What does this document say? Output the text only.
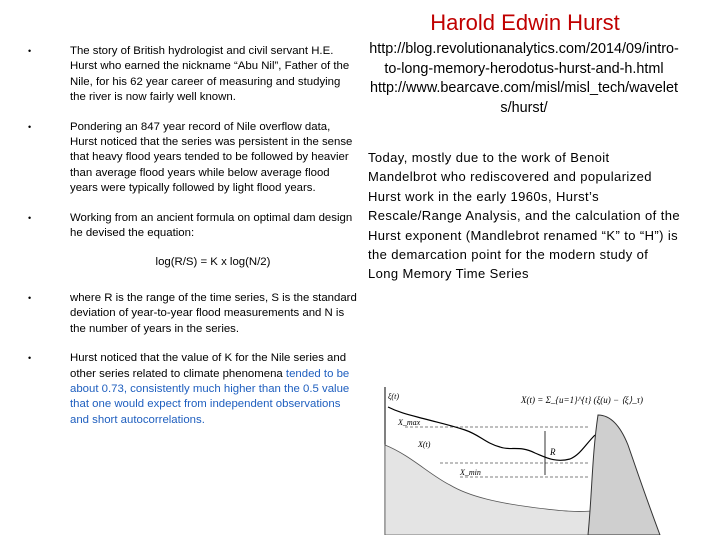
Harold Edwin Hurst
•	The story of British hydrologist and civil servant H.E. Hurst who earned the nickname “Abu Nil”, Father of the Nile, for his 62 year career of measuring and studying the river is now fairly well known.
•	Pondering an 847 year record of Nile overflow data, Hurst noticed that the series was persistent in the sense that heavy flood years tended to be followed by heavier than average flood years while below average flood years were typically followed by light flood years.
•	Working from an ancient formula on optimal dam design he devised the equation:
log(R/S) = K x log(N/2)
•	where R is the range of the time series, S is the standard deviation of year-to-year flood measurements and N is the number of years in the series.
•	Hurst noticed that the value of K for the Nile series and other series related to climate phenomena tended to be about 0.73, consistently much higher than the 0.5 value that one would expect from independent observations and short autocorrelations.
http://blog.revolutionanalytics.com/2014/09/intro-to-long-memory-herodotus-hurst-and-h.html
http://www.bearcave.com/misl/misl_tech/wavelets/hurst/
Today, mostly due to the work of Benoit Mandelbrot who rediscovered and popularized Hurst work in the early 1960s, Hurst’s Rescale/Range Analysis, and the calculation of the Hurst exponent (Mandlebrot renamed “K” to “H”) is the demarcation point for the modern study of Long Memory Time Series
X(t) = Σ_{u=1}^{t} (ξ(u) − ⟨ξ⟩_τ)
ξ(t)
X_max
X(t)
R
X_min
